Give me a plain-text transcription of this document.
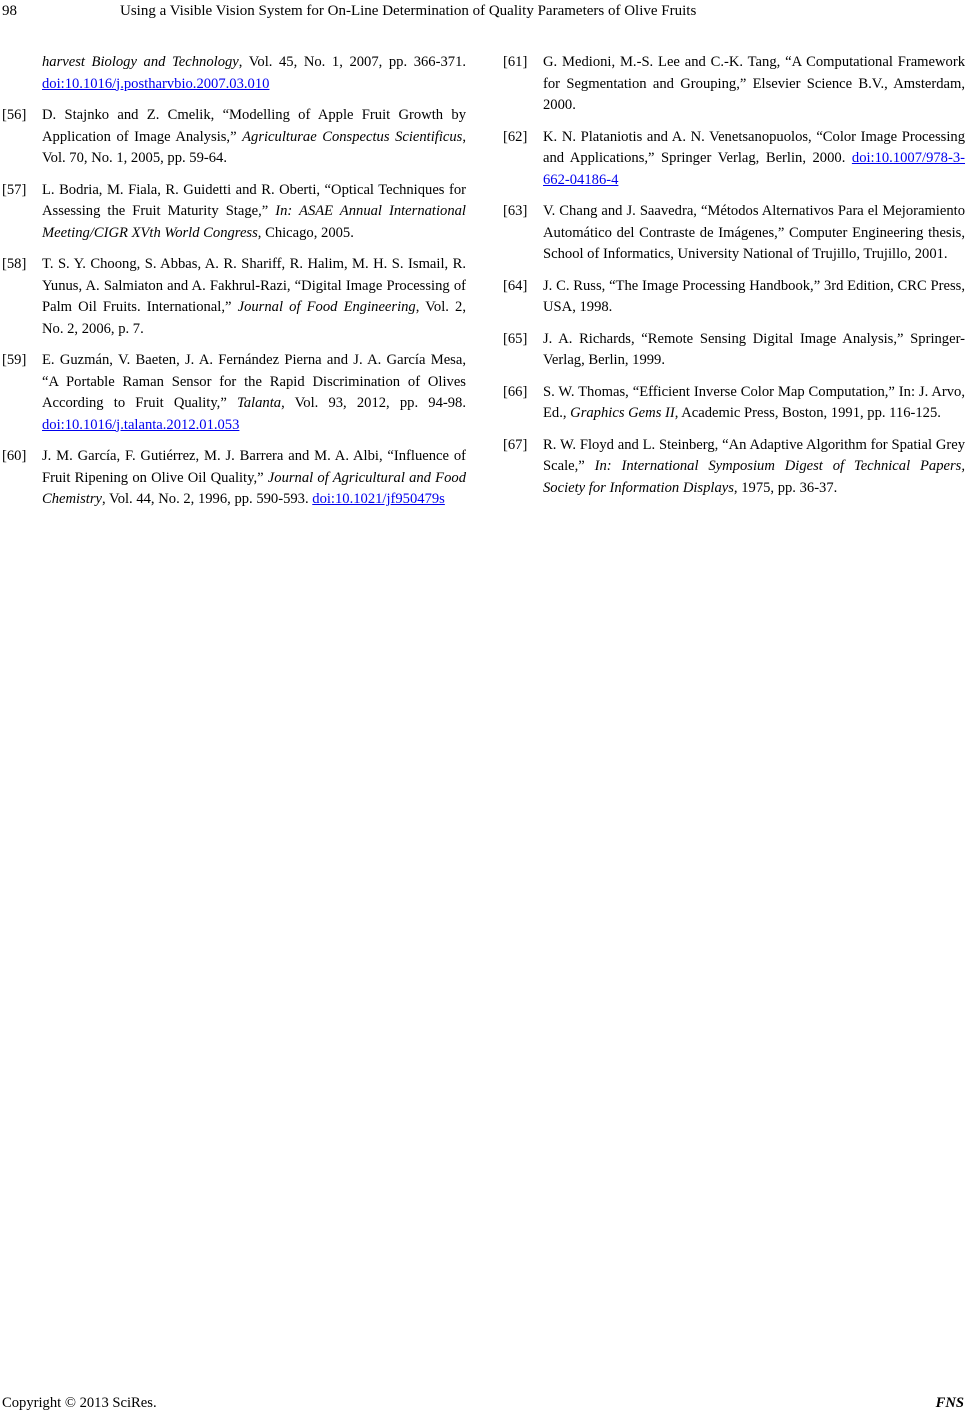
98	Using a Visible Vision System for On-Line Determination of Quality Parameters of Olive Fruits
harvest Biology and Technology, Vol. 45, No. 1, 2007, pp. 366-371. doi:10.1016/j.postharvbio.2007.03.010
[56] D. Stajnko and Z. Cmelik, “Modelling of Apple Fruit Growth by Application of Image Analysis,” Agriculturae Conspectus Scientificus, Vol. 70, No. 1, 2005, pp. 59-64.
[57] L. Bodria, M. Fiala, R. Guidetti and R. Oberti, “Optical Techniques for Assessing the Fruit Maturity Stage,” In: ASAE Annual International Meeting/CIGR XVth World Congress, Chicago, 2005.
[58] T. S. Y. Choong, S. Abbas, A. R. Shariff, R. Halim, M. H. S. Ismail, R. Yunus, A. Salmiaton and A. Fakhrul-Razi, “Digital Image Processing of Palm Oil Fruits. International,” Journal of Food Engineering, Vol. 2, No. 2, 2006, p. 7.
[59] E. Guzmán, V. Baeten, J. A. Fernández Pierna and J. A. García Mesa, “A Portable Raman Sensor for the Rapid Discrimination of Olives According to Fruit Quality,” Talanta, Vol. 93, 2012, pp. 94-98. doi:10.1016/j.talanta.2012.01.053
[60] J. M. García, F. Gutiérrez, M. J. Barrera and M. A. Albi, “Influence of Fruit Ripening on Olive Oil Quality,” Journal of Agricultural and Food Chemistry, Vol. 44, No. 2, 1996, pp. 590-593. doi:10.1021/jf950479s
[61] G. Medioni, M.-S. Lee and C.-K. Tang, “A Computational Framework for Segmentation and Grouping,” Elsevier Science B.V., Amsterdam, 2000.
[62] K. N. Plataniotis and A. N. Venetsanopuolos, “Color Image Processing and Applications,” Springer Verlag, Berlin, 2000. doi:10.1007/978-3-662-04186-4
[63] V. Chang and J. Saavedra, “Métodos Alternativos Para el Mejoramiento Automático del Contraste de Imágenes,” Computer Engineering thesis, School of Informatics, University National of Trujillo, Trujillo, 2001.
[64] J. C. Russ, “The Image Processing Handbook,” 3rd Edition, CRC Press, USA, 1998.
[65] J. A. Richards, “Remote Sensing Digital Image Analysis,” Springer-Verlag, Berlin, 1999.
[66] S. W. Thomas, “Efficient Inverse Color Map Computation,” In: J. Arvo, Ed., Graphics Gems II, Academic Press, Boston, 1991, pp. 116-125.
[67] R. W. Floyd and L. Steinberg, “An Adaptive Algorithm for Spatial Grey Scale,” In: International Symposium Digest of Technical Papers, Society for Information Displays, 1975, pp. 36-37.
Copyright © 2013 SciRes.	FNS
